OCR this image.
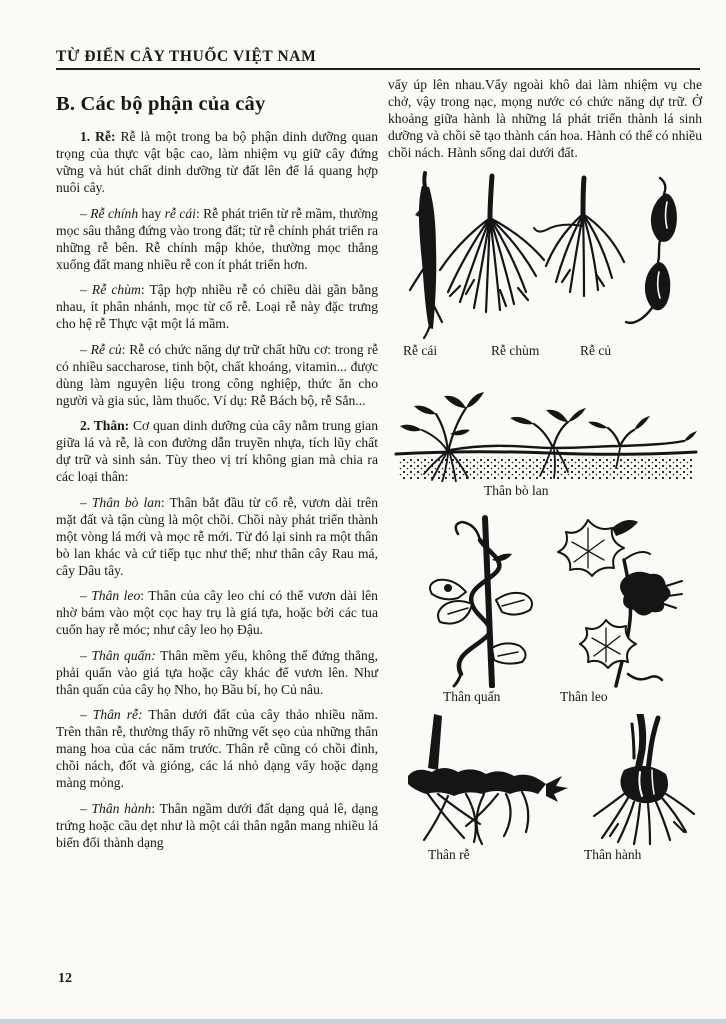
TỪ ĐIỂN CÂY THUỐC VIỆT NAM
B. Các bộ phận của cây

1. Rễ: Rễ là một trong ba bộ phận dinh dưỡng quan trọng của thực vật bậc cao, làm nhiệm vụ giữ cây đứng vững và hút chất dinh dưỡng từ đất lên để lá quang hợp nuôi cây.

– Rễ chính hay rễ cái: Rễ phát triển từ rễ mầm, thường mọc sâu thẳng đứng vào trong đất; từ rễ chính phát triển ra những rễ bên. Rễ chính mập khỏe, thường mọc thẳng xuống đất mang nhiều rễ con ít phát triển hơn.

– Rễ chùm: Tập hợp nhiều rễ có chiều dài gần bằng nhau, ít phân nhánh, mọc từ cổ rễ. Loại rễ này đặc trưng cho hệ rễ Thực vật một lá mầm.

– Rễ củ: Rễ có chức năng dự trữ chất hữu cơ: trong rễ có nhiều saccharose, tinh bột, chất khoáng, vitamin... được dùng làm nguyên liệu trong công nghiệp, thức ăn cho người và gia súc, làm thuốc. Ví dụ: Rễ Bách bộ, rễ Sắn...

2. Thân: Cơ quan dinh dưỡng của cây nằm trung gian giữa lá và rễ, là con đường dẫn truyền nhựa, tích lũy chất dự trữ và sinh sản. Tùy theo vị trí không gian mà chia ra các loại thân:

– Thân bò lan: Thân bắt đầu từ cổ rễ, vươn dài trên mặt đất và tận cùng là một chồi. Chồi này phát triển thành một vòng lá mới và mọc rễ mới. Từ đó lại sinh ra một thân bò lan khác và cứ tiếp tục như thế; như thân cây Rau má, cây Dâu tây.

– Thân leo: Thân của cây leo chỉ có thể vươn dài lên nhờ bám vào một cọc hay trụ là giá tựa, hoặc bởi các tua cuốn hay rễ móc; như cây leo họ Đậu.

– Thân quấn: Thân mềm yếu, không thể đứng thẳng, phải quấn vào giá tựa hoặc cây khác để vươn lên. Như thân quấn của cây họ Nho, họ Bầu bí, họ Củ nâu.

– Thân rễ: Thân dưới đất của cây thảo nhiều năm. Trên thân rễ, thường thấy rõ những vết sẹo của những thân mang hoa của các năm trước. Thân rễ cũng có chồi đỉnh, chồi nách, đốt và gióng, các lá nhỏ dạng vẩy hoặc dạng màng mỏng.

– Thân hành: Thân ngầm dưới đất dạng quả lê, dạng trứng hoặc cầu dẹt như là một cái thân ngắn mang nhiều lá biến đổi thành dạng

vẩy úp lên nhau.Vẩy ngoài khô dai làm nhiệm vụ che chở, vậy trong nạc, mọng nước có chức năng dự trữ. Ở khoảng giữa hành là những lá phát triển thành lá sinh dưỡng và chồi sẽ tạo thành cán hoa. Hành có thể có nhiều chồi nách. Hành sống dai dưới đất.

Rễ cái	Rễ chùm	Rễ củ
Thân bò lan
Thân quấn	Thân leo
Thân rễ	Thân hành
12
